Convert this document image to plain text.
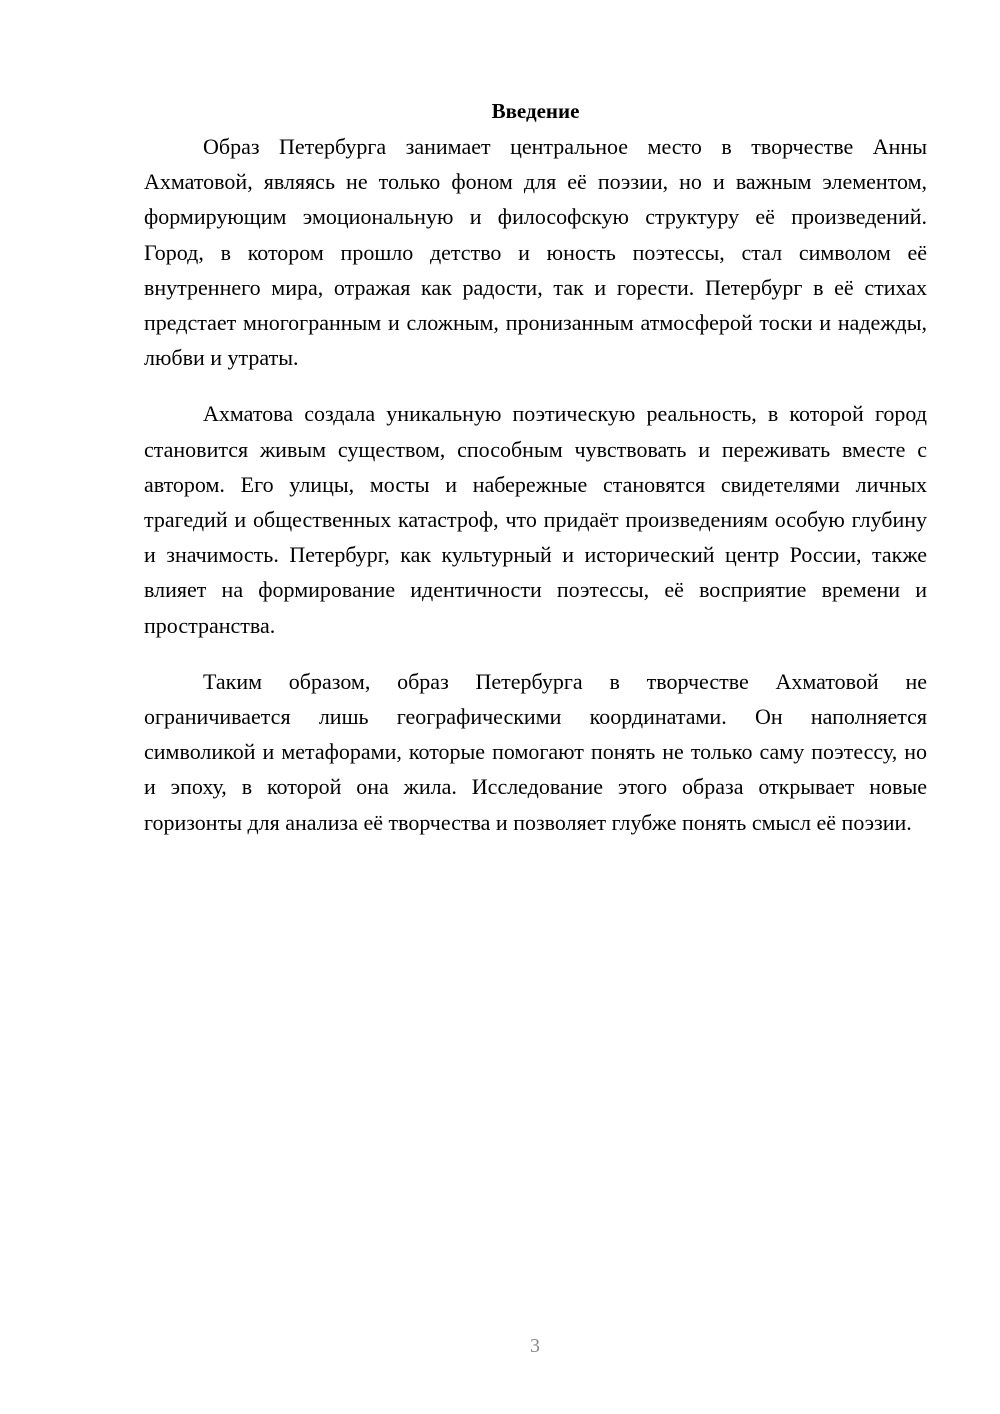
Введение

Образ Петербурга занимает центральное место в творчестве Анны Ахматовой, являясь не только фоном для её поэзии, но и важным элементом, формирующим эмоциональную и философскую структуру её произведений. Город, в котором прошло детство и юность поэтессы, стал символом её внутреннего мира, отражая как радости, так и горести. Петербург в её стихах предстает многогранным и сложным, пронизанным атмосферой тоски и надежды, любви и утраты.

Ахматова создала уникальную поэтическую реальность, в которой город становится живым существом, способным чувствовать и переживать вместе с автором. Его улицы, мосты и набережные становятся свидетелями личных трагедий и общественных катастроф, что придаёт произведениям особую глубину и значимость. Петербург, как культурный и исторический центр России, также влияет на формирование идентичности поэтессы, её восприятие времени и пространства.

Таким образом, образ Петербурга в творчестве Ахматовой не ограничивается лишь географическими координатами. Он наполняется символикой и метафорами, которые помогают понять не только саму поэтессу, но и эпоху, в которой она жила. Исследование этого образа открывает новые горизонты для анализа её творчества и позволяет глубже понять смысл её поэзии.

3
